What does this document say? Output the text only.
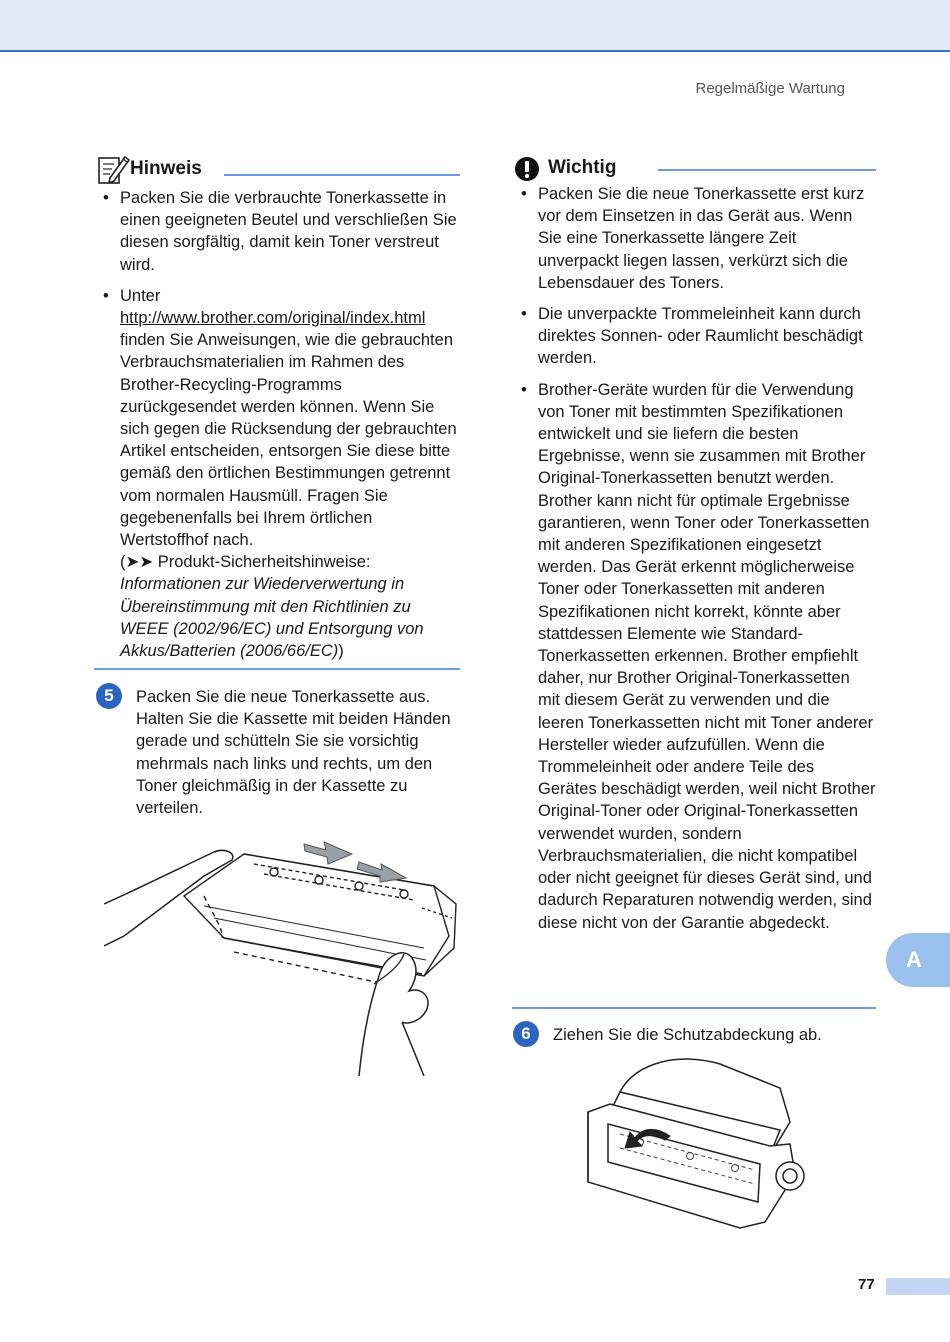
Regelmäßige Wartung
Hinweis
• Packen Sie die verbrauchte Tonerkassette in einen geeigneten Beutel und verschließen Sie diesen sorgfältig, damit kein Toner verstreut wird.
• Unter http://www.brother.com/original/index.html finden Sie Anweisungen, wie die gebrauchten Verbrauchsmaterialien im Rahmen des Brother-Recycling-Programms zurückgesendet werden können. Wenn Sie sich gegen die Rücksendung der gebrauchten Artikel entscheiden, entsorgen Sie diese bitte gemäß den örtlichen Bestimmungen getrennt vom normalen Hausmüll. Fragen Sie gegebenenfalls bei Ihrem örtlichen Wertstoffhof nach.
(➤➤ Produkt-Sicherheitshinweise: Informationen zur Wiederverwertung in Übereinstimmung mit den Richtlinien zu WEEE (2002/96/EC) und Entsorgung von Akkus/Batterien (2006/66/EC))
5	Packen Sie die neue Tonerkassette aus. Halten Sie die Kassette mit beiden Händen gerade und schütteln Sie sie vorsichtig mehrmals nach links und rechts, um den Toner gleichmäßig in der Kassette zu verteilen.
Wichtig
• Packen Sie die neue Tonerkassette erst kurz vor dem Einsetzen in das Gerät aus. Wenn Sie eine Tonerkassette längere Zeit unverpackt liegen lassen, verkürzt sich die Lebensdauer des Toners.
• Die unverpackte Trommeleinheit kann durch direktes Sonnen- oder Raumlicht beschädigt werden.
• Brother-Geräte wurden für die Verwendung von Toner mit bestimmten Spezifikationen entwickelt und sie liefern die besten Ergebnisse, wenn sie zusammen mit Brother Original-Tonerkassetten benutzt werden. Brother kann nicht für optimale Ergebnisse garantieren, wenn Toner oder Tonerkassetten mit anderen Spezifikationen eingesetzt werden. Das Gerät erkennt möglicherweise Toner oder Tonerkassetten mit anderen Spezifikationen nicht korrekt, könnte aber stattdessen Elemente wie Standard-Tonerkassetten erkennen. Brother empfiehlt daher, nur Brother Original-Tonerkassetten mit diesem Gerät zu verwenden und die leeren Tonerkassetten nicht mit Toner anderer Hersteller wieder aufzufüllen. Wenn die Trommeleinheit oder andere Teile des Gerätes beschädigt werden, weil nicht Brother Original-Toner oder Original-Tonerkassetten verwendet wurden, sondern Verbrauchsmaterialien, die nicht kompatibel oder nicht geeignet für dieses Gerät sind, und dadurch Reparaturen notwendig werden, sind diese nicht von der Garantie abgedeckt.
6	Ziehen Sie die Schutzabdeckung ab.
A
77
